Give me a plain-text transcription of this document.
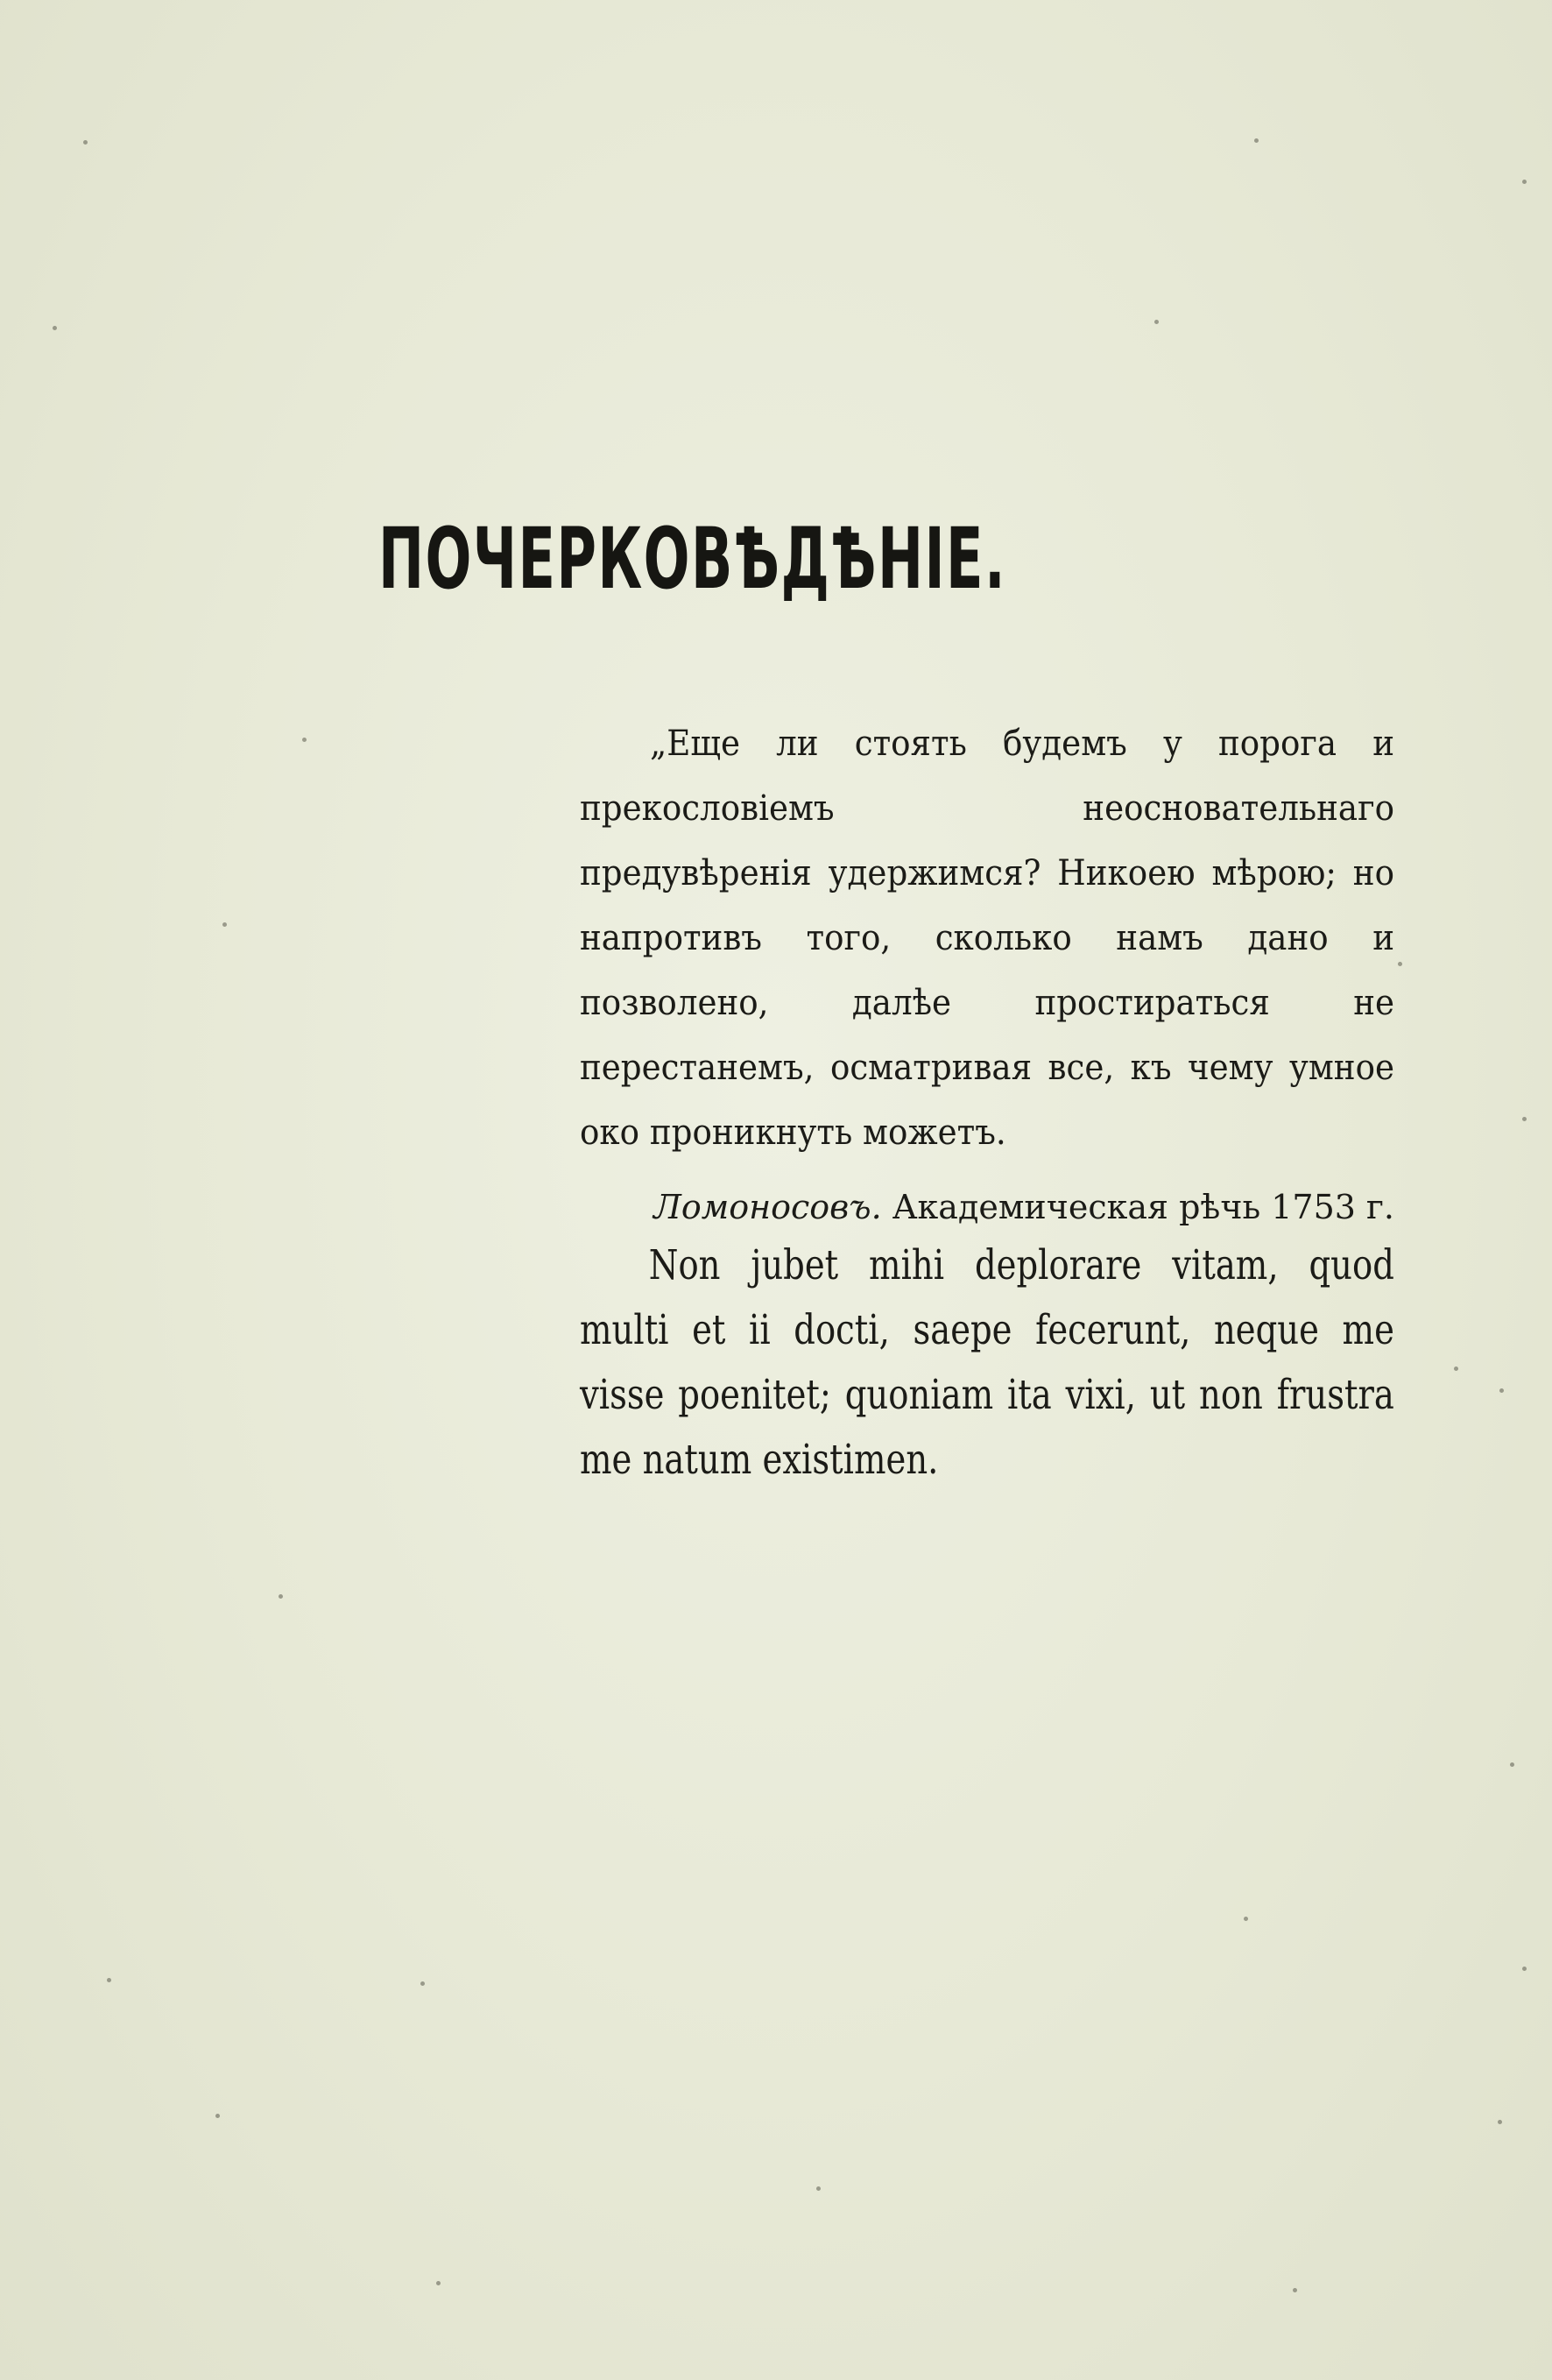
ПОЧЕРКОВѢДѢНІЕ.

„Еще ли стоять будемъ у порога и прекословіемъ неосновательнаго предувѣренія удержимся? Никоею мѣрою; но напротивъ того, сколько намъ дано и позволено, далѣе простираться не перестанемъ, осматривая все, къ чему умное око проникнуть можетъ.

Ломоносовъ. Академическая рѣчь 1753 г.

Non jubet mihi deplorare vitam, quod multi et ii docti, saepe fecerunt, neque me visse poenitet; quoniam ita vixi, ut non frustra me natum existimen.
